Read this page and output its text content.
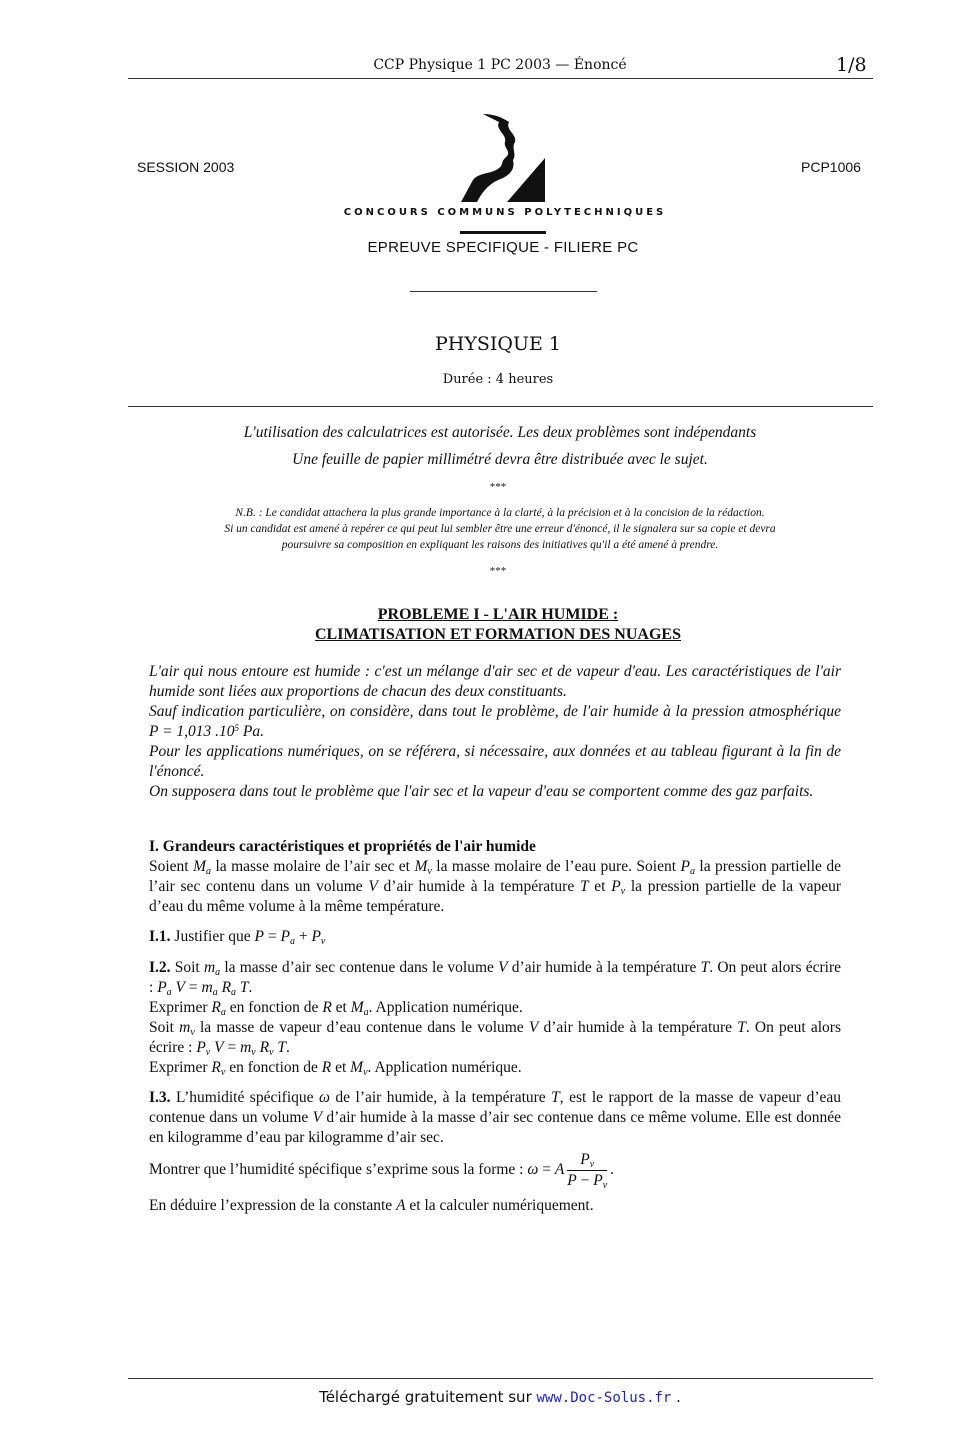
CCP Physique 1 PC 2003 — Énoncé	1/8
SESSION 2003	PCP1006
CONCOURS COMMUNS POLYTECHNIQUES
EPREUVE SPECIFIQUE - FILIERE PC
PHYSIQUE 1
Durée : 4 heures
L'utilisation des calculatrices est autorisée. Les deux problèmes sont indépendants
Une feuille de papier millimétré devra être distribuée avec le sujet.
***
N.B. : Le candidat attachera la plus grande importance à la clarté, à la précision et à la concision de la rédaction.
Si un candidat est amené à repérer ce qui peut lui sembler être une erreur d'énoncé, il le signalera sur sa copie et devra
poursuivre sa composition en expliquant les raisons des initiatives qu'il a été amené à prendre.
***
PROBLEME I - L'AIR HUMIDE :
CLIMATISATION ET FORMATION DES NUAGES
L'air qui nous entoure est humide : c'est un mélange d'air sec et de vapeur d'eau. Les caractéristiques de l'air humide sont liées aux proportions de chacun des deux constituants.
Sauf indication particulière, on considère, dans tout le problème, de l'air humide à la pression atmosphérique P = 1,013 $.10^5$ Pa.
Pour les applications numériques, on se référera, si nécessaire, aux données et au tableau figurant à la fin de l'énoncé.
On supposera dans tout le problème que l'air sec et la vapeur d'eau se comportent comme des gaz parfaits.
I. Grandeurs caractéristiques et propriétés de l'air humide
Soient $M_a$ la masse molaire de l’air sec et $M_v$ la masse molaire de l’eau pure. Soient $P_a$ la pression partielle de l’air sec contenu dans un volume V d’air humide à la température T et $P_v$ la pression partielle de la vapeur d’eau du même volume à la même température.
I.1. Justifier que $P = P_a + P_v$
I.2. Soit $m_a$ la masse d’air sec contenue dans le volume V d’air humide à la température T. On peut alors écrire : $P_a$ $V = m_a$ $R_a$ T.
Exprimer $R_a$ en fonction de R et $M_a$. Application numérique.
Soit $m_v$ la masse de vapeur d’eau contenue dans le volume V d’air humide à la température T. On peut alors écrire : $P_v$ $V = m_v$ $R_v$ T.
Exprimer $R_v$ en fonction de R et $M_v$. Application numérique.
I.3. L’humidité spécifique ω de l’air humide, à la température T, est le rapport de la masse de vapeur d’eau contenue dans un volume V d’air humide à la masse d’air sec contenue dans ce même volume. Elle est donnée en kilogramme d’eau par kilogramme d’air sec.
Montrer que l’humidité spécifique s’exprime sous la forme : ω = A $\frac{P_v}{P - P_v}$ .
En déduire l’expression de la constante A et la calculer numériquement.
Téléchargé gratuitement sur www.Doc-Solus.fr .
